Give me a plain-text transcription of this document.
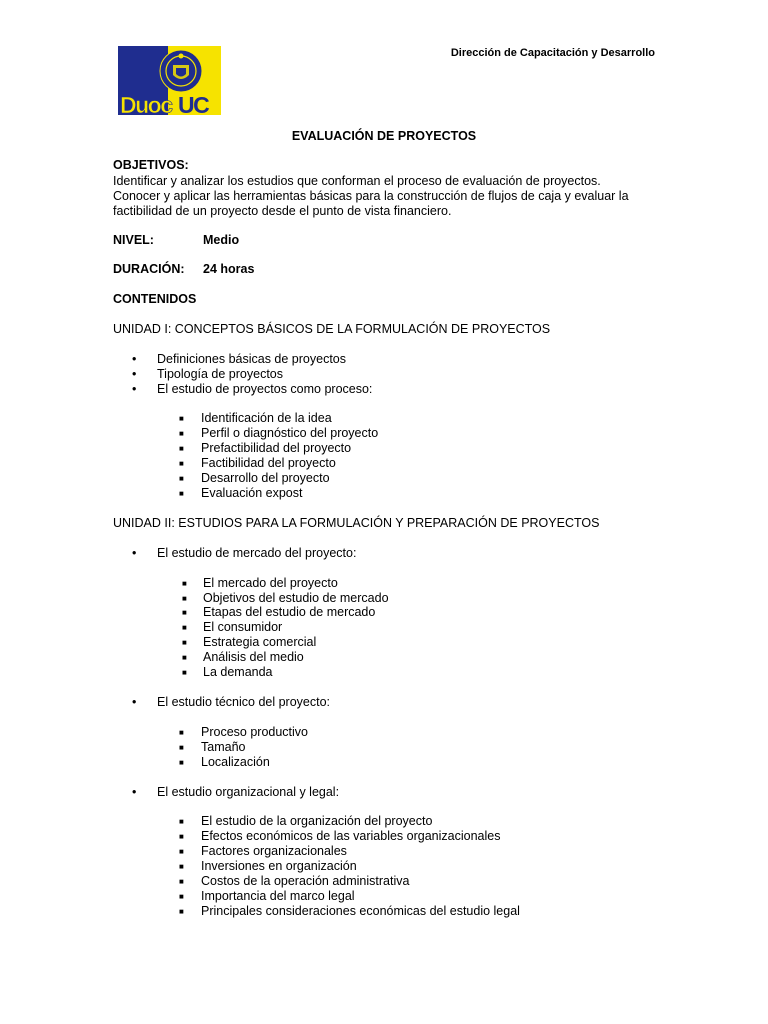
Duoc UC
Dirección de Capacitación y Desarrollo
EVALUACIÓN DE PROYECTOS
OBJETIVOS:
Identificar y analizar los estudios que conforman el proceso de evaluación de proyectos.
Conocer y aplicar las herramientas básicas para la construcción de flujos de caja y evaluar la
factibilidad de un proyecto desde el punto de vista financiero.
NIVEL:	Medio
DURACIÓN: 24 horas
CONTENIDOS
UNIDAD I: CONCEPTOS BÁSICOS DE LA FORMULACIÓN DE PROYECTOS
• Definiciones básicas de proyectos
• Tipología de proyectos
• El estudio de proyectos como proceso:
■ Identificación de la idea
■ Perfil o diagnóstico del proyecto
■ Prefactibilidad del proyecto
■ Factibilidad del proyecto
■ Desarrollo del proyecto
■ Evaluación expost
UNIDAD II: ESTUDIOS PARA LA FORMULACIÓN Y PREPARACIÓN DE PROYECTOS
• El estudio de mercado del proyecto:
■ El mercado del proyecto
■ Objetivos del estudio de mercado
■ Etapas del estudio de mercado
■ El consumidor
■ Estrategia comercial
■ Análisis del medio
■ La demanda
• El estudio técnico del proyecto:
■ Proceso productivo
■ Tamaño
■ Localización
• El estudio organizacional y legal:
■ El estudio de la organización del proyecto
■ Efectos económicos de las variables organizacionales
■ Factores organizacionales
■ Inversiones en organización
■ Costos de la operación administrativa
■ Importancia del marco legal
■ Principales consideraciones económicas del estudio legal
